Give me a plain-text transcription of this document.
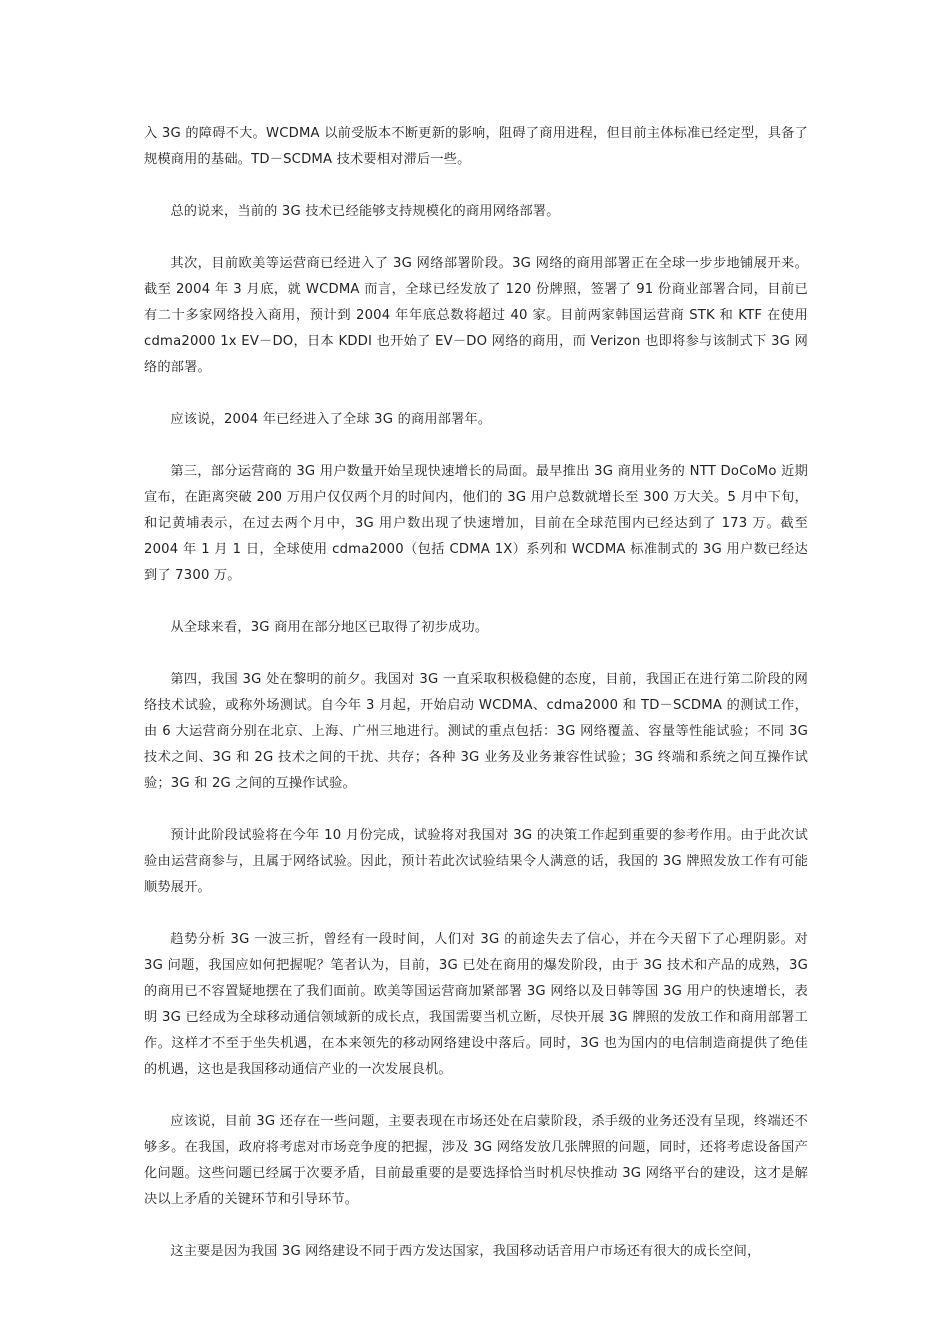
入 3G 的障碍不大。WCDMA 以前受版本不断更新的影响，阻碍了商用进程，但目前主体标准已经定型，具备了规模商用的基础。TD－SCDMA 技术要相对滞后一些。

总的说来，当前的 3G 技术已经能够支持规模化的商用网络部署。

其次，目前欧美等运营商已经进入了 3G 网络部署阶段。3G 网络的商用部署正在全球一步步地铺展开来。截至 2004 年 3 月底，就 WCDMA 而言，全球已经发放了 120 份牌照，签署了 91 份商业部署合同，目前已有二十多家网络投入商用，预计到 2004 年年底总数将超过 40 家。目前两家韩国运营商 STK 和 KTF 在使用 cdma2000 1x EV－DO，日本 KDDI 也开始了 EV－DO 网络的商用，而 Verizon 也即将参与该制式下 3G 网络的部署。

应该说，2004 年已经进入了全球 3G 的商用部署年。

第三，部分运营商的 3G 用户数量开始呈现快速增长的局面。最早推出 3G 商用业务的 NTT DoCoMo 近期宣布，在距离突破 200 万用户仅仅两个月的时间内，他们的 3G 用户总数就增长至 300 万大关。5 月中下旬，和记黄埔表示，在过去两个月中，3G 用户数出现了快速增加，目前在全球范围内已经达到了 173 万。截至 2004 年 1 月 1 日，全球使用 cdma2000（包括 CDMA 1X）系列和 WCDMA 标准制式的 3G 用户数已经达到了 7300 万。

从全球来看，3G 商用在部分地区已取得了初步成功。

第四，我国 3G 处在黎明的前夕。我国对 3G 一直采取积极稳健的态度，目前，我国正在进行第二阶段的网络技术试验，或称外场测试。自今年 3 月起，开始启动 WCDMA、cdma2000 和 TD－SCDMA 的测试工作，由 6 大运营商分别在北京、上海、广州三地进行。测试的重点包括：3G 网络覆盖、容量等性能试验；不同 3G 技术之间、3G 和 2G 技术之间的干扰、共存；各种 3G 业务及业务兼容性试验；3G 终端和系统之间互操作试验；3G 和 2G 之间的互操作试验。

预计此阶段试验将在今年 10 月份完成，试验将对我国对 3G 的决策工作起到重要的参考作用。由于此次试验由运营商参与，且属于网络试验。因此，预计若此次试验结果令人满意的话，我国的 3G 牌照发放工作有可能顺势展开。

趋势分析 3G 一波三折，曾经有一段时间，人们对 3G 的前途失去了信心，并在今天留下了心理阴影。对 3G 问题，我国应如何把握呢？笔者认为，目前，3G 已处在商用的爆发阶段，由于 3G 技术和产品的成熟，3G 的商用已不容置疑地摆在了我们面前。欧美等国运营商加紧部署 3G 网络以及日韩等国 3G 用户的快速增长，表明 3G 已经成为全球移动通信领域新的成长点，我国需要当机立断，尽快开展 3G 牌照的发放工作和商用部署工作。这样才不至于坐失机遇，在本来领先的移动网络建设中落后。同时，3G 也为国内的电信制造商提供了绝佳的机遇，这也是我国移动通信产业的一次发展良机。

应该说，目前 3G 还存在一些问题，主要表现在市场还处在启蒙阶段，杀手级的业务还没有呈现，终端还不够多。在我国，政府将考虑对市场竞争度的把握，涉及 3G 网络发放几张牌照的问题，同时，还将考虑设备国产化问题。这些问题已经属于次要矛盾，目前最重要的是要选择恰当时机尽快推动 3G 网络平台的建设，这才是解决以上矛盾的关键环节和引导环节。

这主要是因为我国 3G 网络建设不同于西方发达国家，我国移动话音用户市场还有很大的成长空间，
